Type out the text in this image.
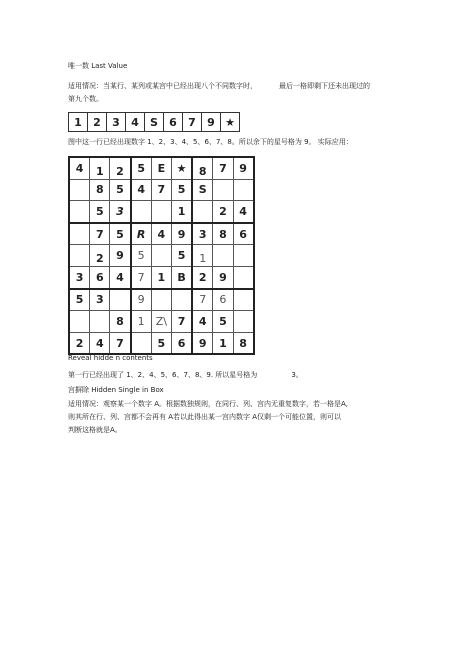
唯一数 Last Value
适用情况：当某行、某列或某宫中已经出现八个不同数字时，	最后一格即剩下还未出现过的
第九个数。
1	2	3	4	S	6	7	9	★
图中这一行已经出现数字 1、2、3、4、5、6、7、8。所以余下的星号格为 9。 实际应用：
4	1	2	5	E	★	8	7	9
	8	5	4	7	5	S		
	5	3			1		2	4
	7	5	R	4	9	3	8	6
	2	9	5		5	1		
3	6	4	7	1	B	2	9	
5	3		9			7	6	
		8	1	Z\	7	4	5	
2	4	7		5	6	9	1	8
Reveal hidde n contents
第一行已经出现了 1、2、4、5、6、7、8、9. 所以星号格为	3。
宫摒除 Hidden Single in Box
适用情况：观察某一个数字 A。根据数独规则，在同行、列、宫内无重复数字，若一格是A,
则其所在行、列、宫都不会再有 A若以此得出某一宫内数字 A仅剩一个可能位置，则可以
判断这格就是A。
